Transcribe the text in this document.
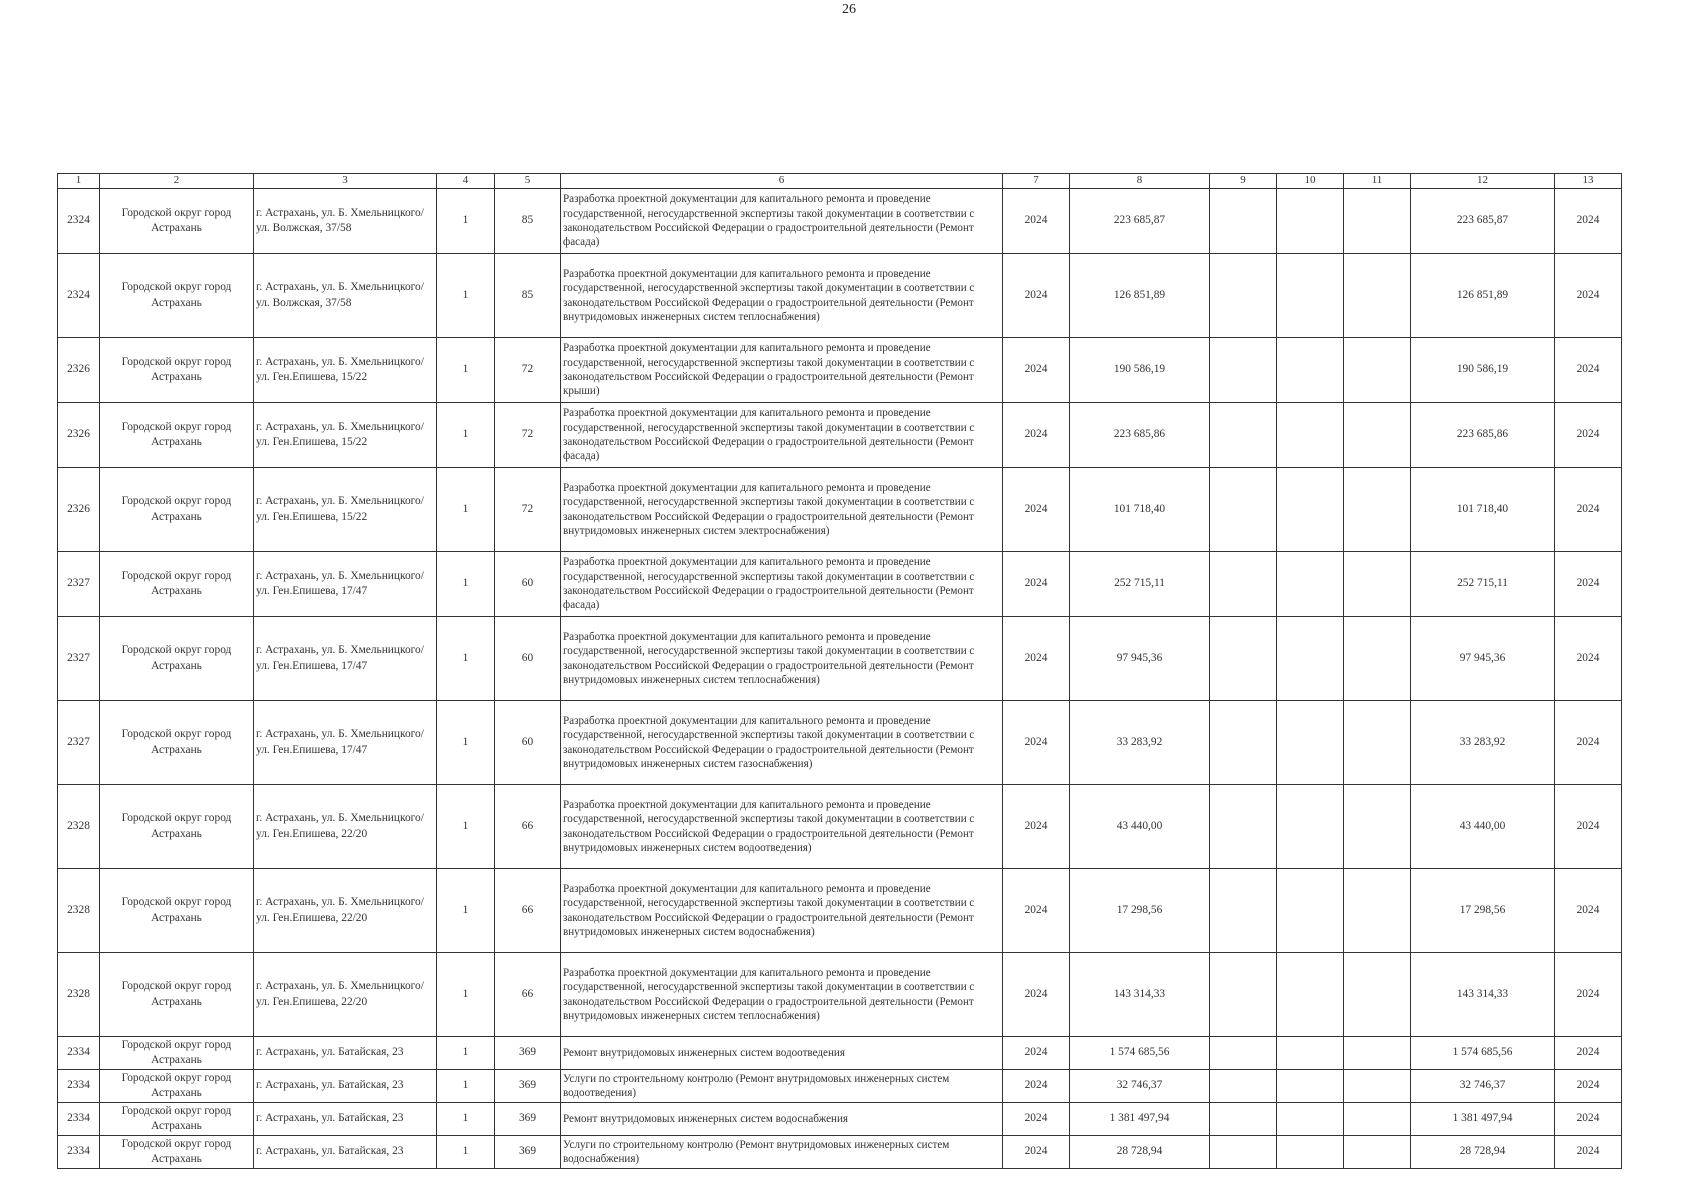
26
1	2	3	4	5	6	7	8	9	10	11	12	13
2324	Городской округ город Астрахань	г. Астрахань, ул. Б. Хмельницкого/ ул. Волжская, 37/58	1	85	Разработка проектной документации для капитального ремонта и проведение государственной, негосударственной экспертизы такой документации в соответствии с законодательством Российской Федерации о градостроительной деятельности (Ремонт фасада)	2024	223 685,87				223 685,87	2024
2324	Городской округ город Астрахань	г. Астрахань, ул. Б. Хмельницкого/ ул. Волжская, 37/58	1	85	Разработка проектной документации для капитального ремонта и проведение государственной, негосударственной экспертизы такой документации в соответствии с законодательством Российской Федерации о градостроительной деятельности (Ремонт внутридомовых инженерных систем теплоснабжения)	2024	126 851,89				126 851,89	2024
2326	Городской округ город Астрахань	г. Астрахань, ул. Б. Хмельницкого/ ул. Ген.Епишева, 15/22	1	72	Разработка проектной документации для капитального ремонта и проведение государственной, негосударственной экспертизы такой документации в соответствии с законодательством Российской Федерации о градостроительной деятельности (Ремонт крыши)	2024	190 586,19				190 586,19	2024
2326	Городской округ город Астрахань	г. Астрахань, ул. Б. Хмельницкого/ ул. Ген.Епишева, 15/22	1	72	Разработка проектной документации для капитального ремонта и проведение государственной, негосударственной экспертизы такой документации в соответствии с законодательством Российской Федерации о градостроительной деятельности (Ремонт фасада)	2024	223 685,86				223 685,86	2024
2326	Городской округ город Астрахань	г. Астрахань, ул. Б. Хмельницкого/ ул. Ген.Епишева, 15/22	1	72	Разработка проектной документации для капитального ремонта и проведение государственной, негосударственной экспертизы такой документации в соответствии с законодательством Российской Федерации о градостроительной деятельности (Ремонт внутридомовых инженерных систем электроснабжения)	2024	101 718,40				101 718,40	2024
2327	Городской округ город Астрахань	г. Астрахань, ул. Б. Хмельницкого/ ул. Ген.Епишева, 17/47	1	60	Разработка проектной документации для капитального ремонта и проведение государственной, негосударственной экспертизы такой документации в соответствии с законодательством Российской Федерации о градостроительной деятельности (Ремонт фасада)	2024	252 715,11				252 715,11	2024
2327	Городской округ город Астрахань	г. Астрахань, ул. Б. Хмельницкого/ ул. Ген.Епишева, 17/47	1	60	Разработка проектной документации для капитального ремонта и проведение государственной, негосударственной экспертизы такой документации в соответствии с законодательством Российской Федерации о градостроительной деятельности (Ремонт внутридомовых инженерных систем теплоснабжения)	2024	97 945,36				97 945,36	2024
2327	Городской округ город Астрахань	г. Астрахань, ул. Б. Хмельницкого/ ул. Ген.Епишева, 17/47	1	60	Разработка проектной документации для капитального ремонта и проведение государственной, негосударственной экспертизы такой документации в соответствии с законодательством Российской Федерации о градостроительной деятельности (Ремонт внутридомовых инженерных систем газоснабжения)	2024	33 283,92				33 283,92	2024
2328	Городской округ город Астрахань	г. Астрахань, ул. Б. Хмельницкого/ ул. Ген.Епишева, 22/20	1	66	Разработка проектной документации для капитального ремонта и проведение государственной, негосударственной экспертизы такой документации в соответствии с законодательством Российской Федерации о градостроительной деятельности (Ремонт внутридомовых инженерных систем водоотведения)	2024	43 440,00				43 440,00	2024
2328	Городской округ город Астрахань	г. Астрахань, ул. Б. Хмельницкого/ ул. Ген.Епишева, 22/20	1	66	Разработка проектной документации для капитального ремонта и проведение государственной, негосударственной экспертизы такой документации в соответствии с законодательством Российской Федерации о градостроительной деятельности (Ремонт внутридомовых инженерных систем водоснабжения)	2024	17 298,56				17 298,56	2024
2328	Городской округ город Астрахань	г. Астрахань, ул. Б. Хмельницкого/ ул. Ген.Епишева, 22/20	1	66	Разработка проектной документации для капитального ремонта и проведение государственной, негосударственной экспертизы такой документации в соответствии с законодательством Российской Федерации о градостроительной деятельности (Ремонт внутридомовых инженерных систем теплоснабжения)	2024	143 314,33				143 314,33	2024
2334	Городской округ город Астрахань	г. Астрахань, ул. Батайская, 23	1	369	Ремонт внутридомовых инженерных систем водоотведения	2024	1 574 685,56				1 574 685,56	2024
2334	Городской округ город Астрахань	г. Астрахань, ул. Батайская, 23	1	369	Услуги по строительному контролю (Ремонт внутридомовых инженерных систем водоотведения)	2024	32 746,37				32 746,37	2024
2334	Городской округ город Астрахань	г. Астрахань, ул. Батайская, 23	1	369	Ремонт внутридомовых инженерных систем водоснабжения	2024	1 381 497,94				1 381 497,94	2024
2334	Городской округ город Астрахань	г. Астрахань, ул. Батайская, 23	1	369	Услуги по строительному контролю (Ремонт внутридомовых инженерных систем водоснабжения)	2024	28 728,94				28 728,94	2024
